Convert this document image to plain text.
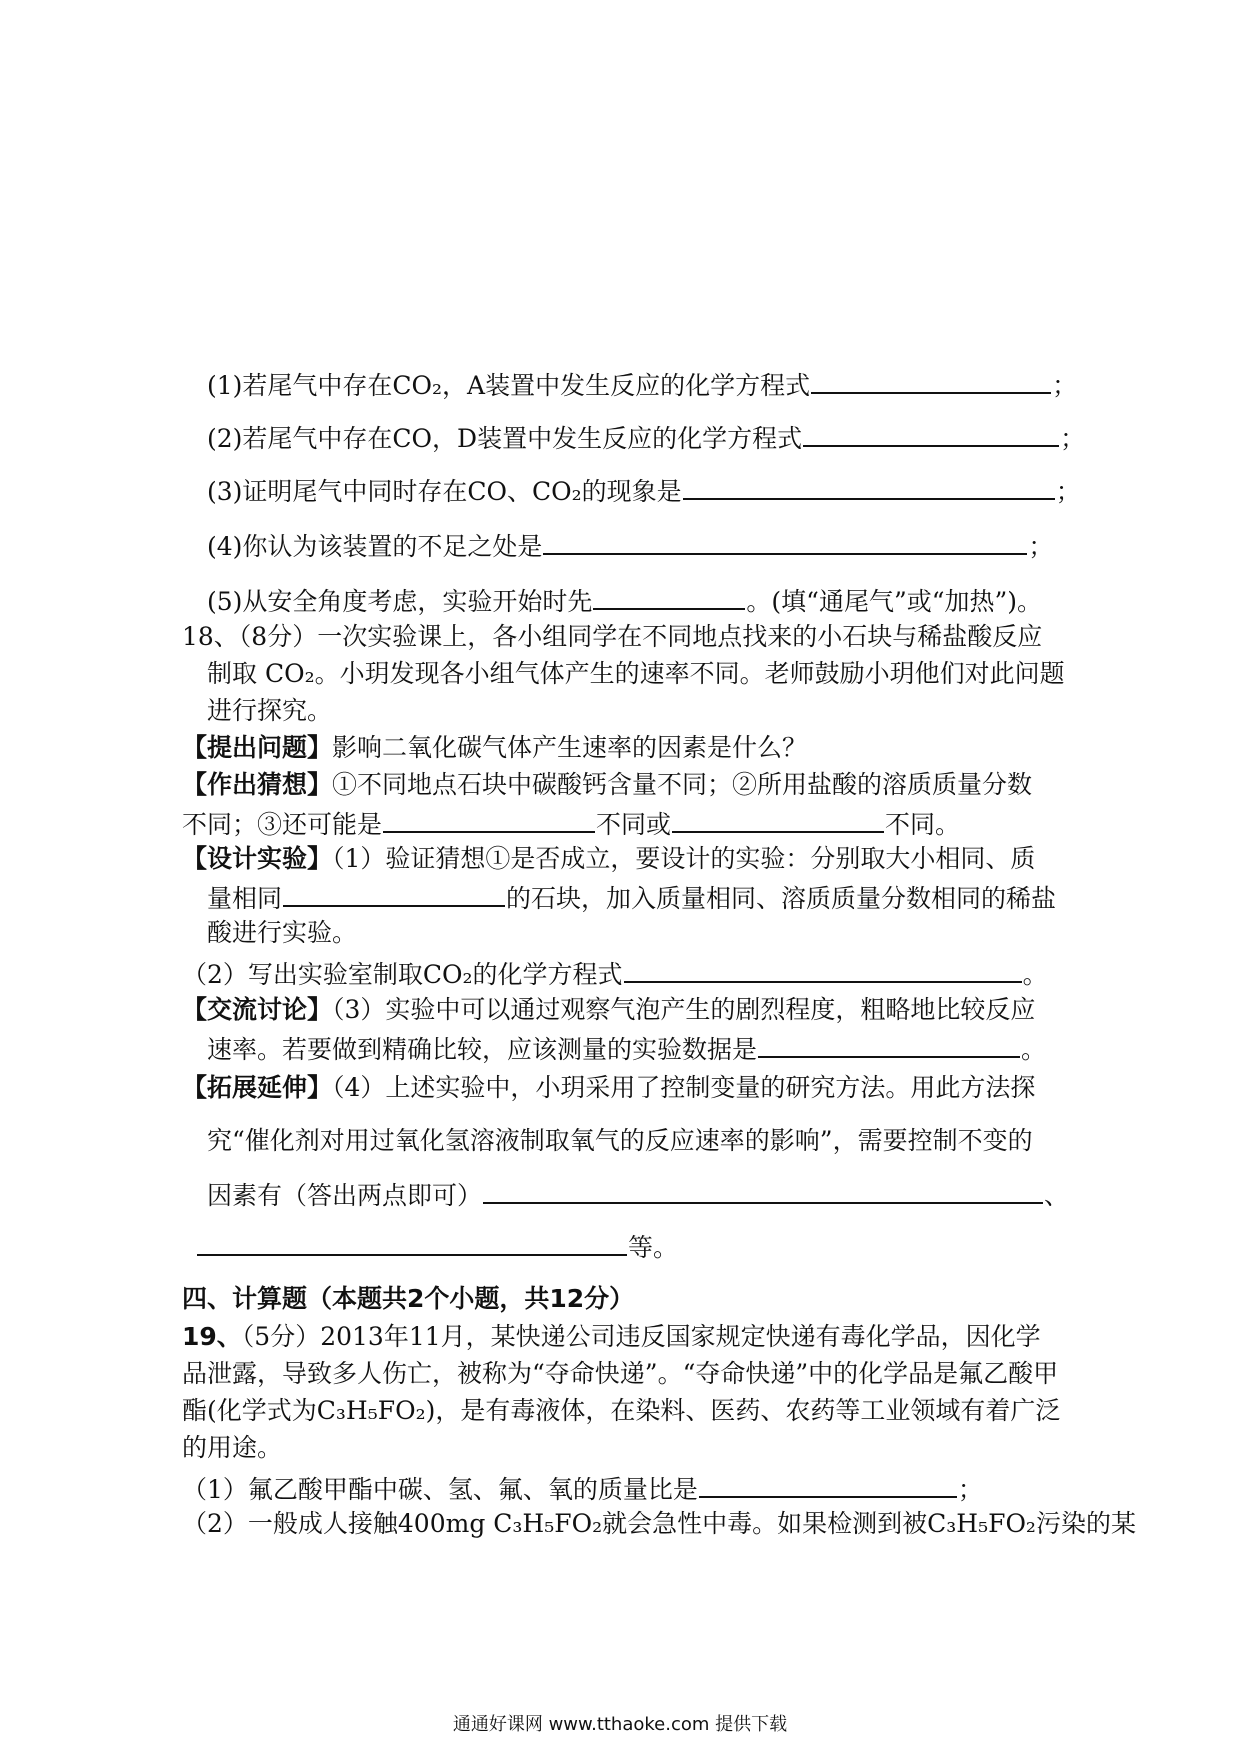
(1)若尾气中存在CO₂，A装置中发生反应的化学方程式	；
(2)若尾气中存在CO，D装置中发生反应的化学方程式	；
(3)证明尾气中同时存在CO、CO₂的现象是	；
(4)你认为该装置的不足之处是	；
(5)从安全角度考虑，实验开始时先	。(填“通尾气”或“加热”)。
18、（8分）一次实验课上，各小组同学在不同地点找来的小石块与稀盐酸反应
制取 CO₂。小玥发现各小组气体产生的速率不同。老师鼓励小玥他们对此问题
进行探究。
【提出问题】影响二氧化碳气体产生速率的因素是什么？
【作出猜想】①不同地点石块中碳酸钙含量不同；②所用盐酸的溶质质量分数
不同；③还可能是	不同或	不同。
【设计实验】（1）验证猜想①是否成立，要设计的实验：分别取大小相同、质
量相同	的石块，加入质量相同、溶质质量分数相同的稀盐
酸进行实验。
（2）写出实验室制取CO₂的化学方程式	。
【交流讨论】（3）实验中可以通过观察气泡产生的剧烈程度，粗略地比较反应
速率。若要做到精确比较，应该测量的实验数据是	。
【拓展延伸】（4）上述实验中，小玥采用了控制变量的研究方法。用此方法探
究“催化剂对用过氧化氢溶液制取氧气的反应速率的影响”，需要控制不变的
因素有（答出两点即可）	、
等。
四、计算题（本题共2个小题，共12分）
19、（5分）2013年11月，某快递公司违反国家规定快递有毒化学品，因化学
品泄露，导致多人伤亡，被称为“夺命快递”。“夺命快递”中的化学品是氟乙酸甲
酯(化学式为C₃H₅FO₂)，是有毒液体，在染料、医药、农药等工业领域有着广泛
的用途。
（1）氟乙酸甲酯中碳、氢、氟、氧的质量比是	；
（2）一般成人接触400mg C₃H₅FO₂就会急性中毒。如果检测到被C₃H₅FO₂污染的某
通通好课网 www.tthaoke.com 提供下载
